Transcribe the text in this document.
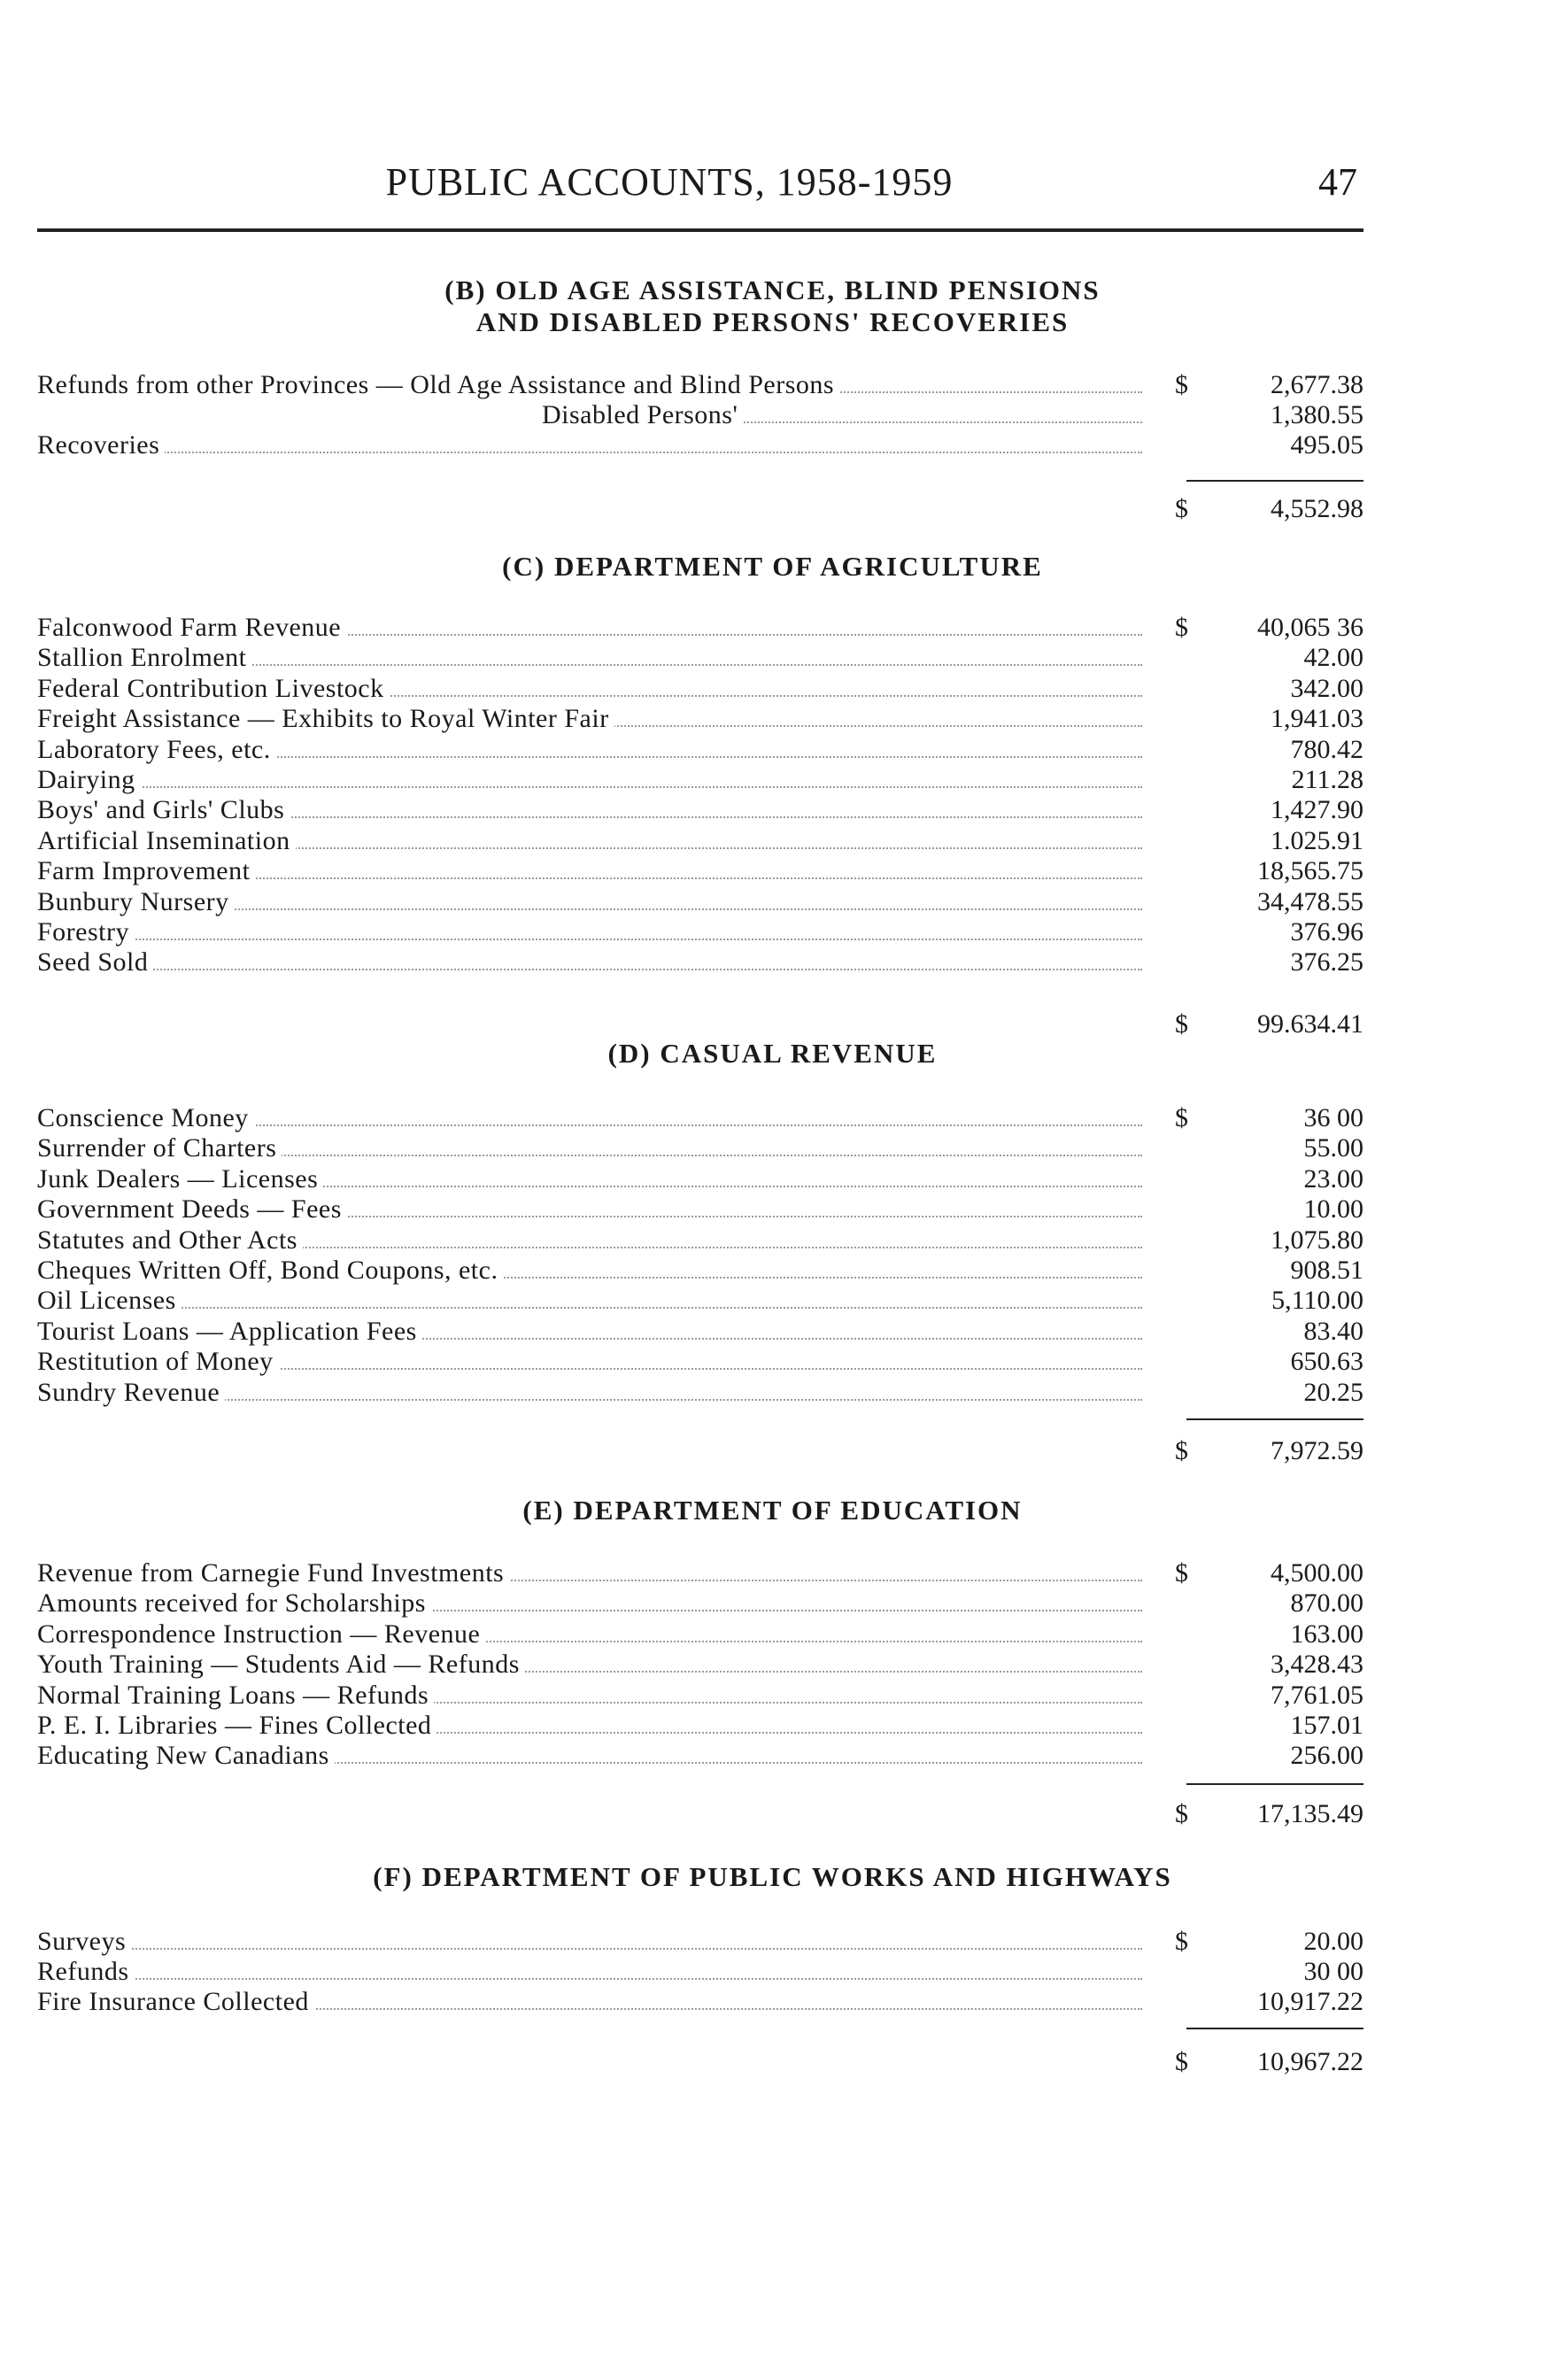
PUBLIC ACCOUNTS, 1958-1959	47
(B) OLD AGE ASSISTANCE, BLIND PENSIONS
AND DISABLED PERSONS' RECOVERIES
Refunds from other Provinces — Old Age Assistance and Blind Persons	$	2,677.38
Disabled Persons'	1,380.55
Recoveries	495.05
$	4,552.98
(C) DEPARTMENT OF AGRICULTURE
Falconwood Farm Revenue	$	40,065 36
Stallion Enrolment	42.00
Federal Contribution Livestock	342.00
Freight Assistance — Exhibits to Royal Winter Fair	1,941.03
Laboratory Fees, etc.	780.42
Dairying	211.28
Boys' and Girls' Clubs	1,427.90
Artificial Insemination	1.025.91
Farm Improvement	18,565.75
Bunbury Nursery	34,478.55
Forestry	376.96
Seed Sold	376.25
$	99.634.41
(D) CASUAL REVENUE
Conscience Money	$	36 00
Surrender of Charters	55.00
Junk Dealers — Licenses	23.00
Government Deeds — Fees	10.00
Statutes and Other Acts	1,075.80
Cheques Written Off, Bond Coupons, etc.	908.51
Oil Licenses	5,110.00
Tourist Loans — Application Fees	83.40
Restitution of Money	650.63
Sundry Revenue	20.25
$	7,972.59
(E) DEPARTMENT OF EDUCATION
Revenue from Carnegie Fund Investments	$	4,500.00
Amounts received for Scholarships	870.00
Correspondence Instruction — Revenue	163.00
Youth Training — Students Aid — Refunds	3,428.43
Normal Training Loans — Refunds	7,761.05
P. E. I. Libraries — Fines Collected	157.01
Educating New Canadians	256.00
$	17,135.49
(F) DEPARTMENT OF PUBLIC WORKS AND HIGHWAYS
Surveys	$	20.00
Refunds	30 00
Fire Insurance Collected	10,917.22
$	10,967.22
